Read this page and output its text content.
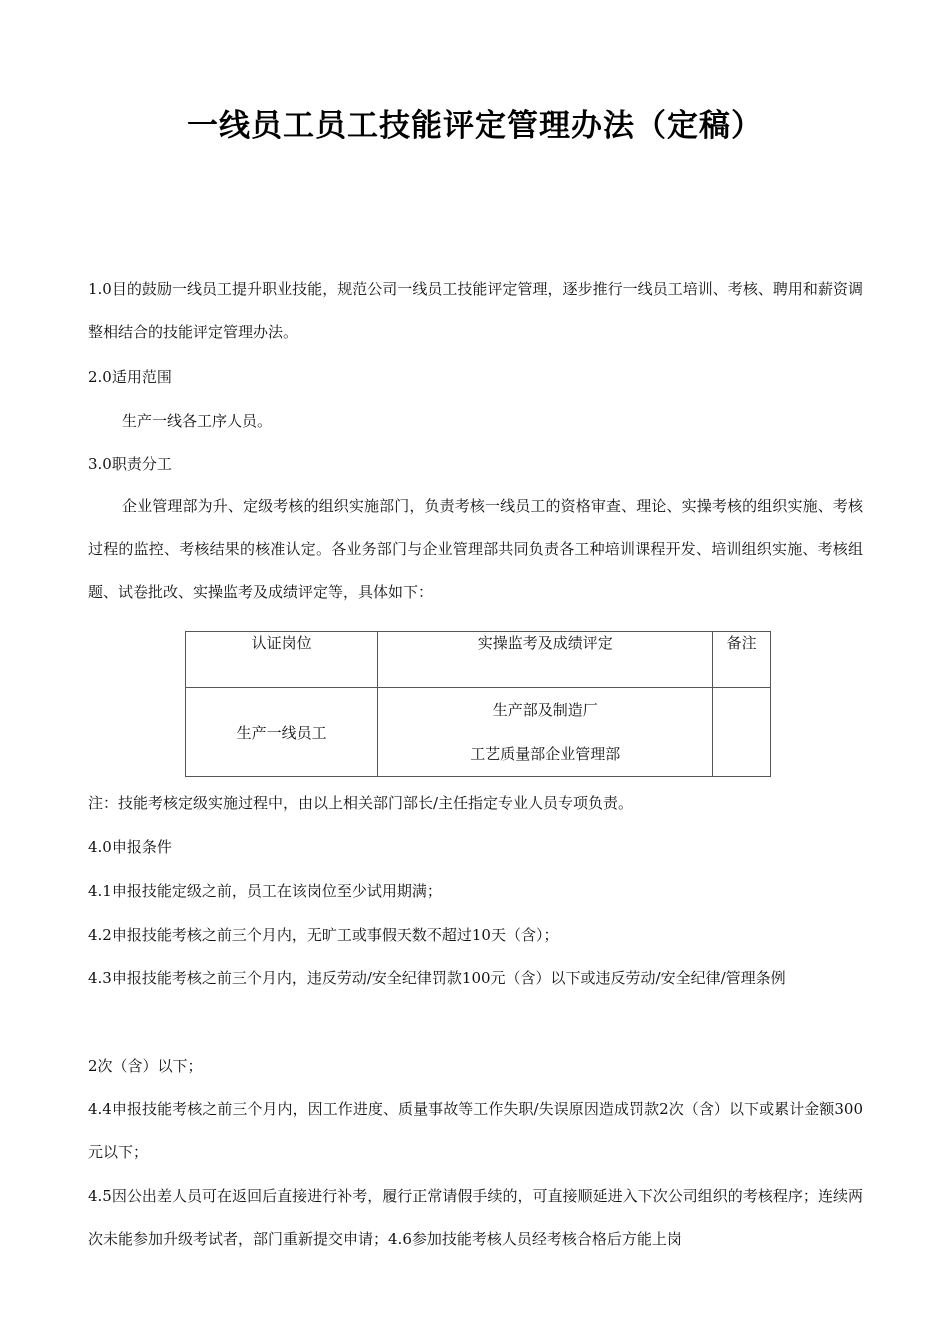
一线员工员工技能评定管理办法（定稿）

1.0目的鼓励一线员工提升职业技能，规范公司一线员工技能评定管理，逐步推行一线员工培训、考核、聘用和薪资调整相结合的技能评定管理办法。

2.0适用范围
生产一线各工序人员。
3.0职责分工

企业管理部为升、定级考核的组织实施部门，负责考核一线员工的资格审查、理论、实操考核的组织实施、考核过程的监控、考核结果的核准认定。各业务部门与企业管理部共同负责各工种培训课程开发、培训组织实施、考核组题、试卷批改、实操监考及成绩评定等，具体如下：

认证岗位	实操监考及成绩评定	备注
生产一线员工	生产部及制造厂
工艺质量部企业管理部	

注：技能考核定级实施过程中，由以上相关部门部长/主任指定专业人员专项负责。
4.0申报条件
4.1申报技能定级之前，员工在该岗位至少试用期满；
4.2申报技能考核之前三个月内，无旷工或事假天数不超过10天（含）；

4.3申报技能考核之前三个月内，违反劳动/安全纪律罚款100元（含）以下或违反劳动/安全纪律/管理条例

2次（含）以下；

4.4申报技能考核之前三个月内，因工作进度、质量事故等工作失职/失误原因造成罚款2次（含）以下或累计金额300元以下；

4.5因公出差人员可在返回后直接进行补考，履行正常请假手续的，可直接顺延进入下次公司组织的考核程序；连续两次未能参加升级考试者，部门重新提交申请；4.6参加技能考核人员经考核合格后方能上岗
